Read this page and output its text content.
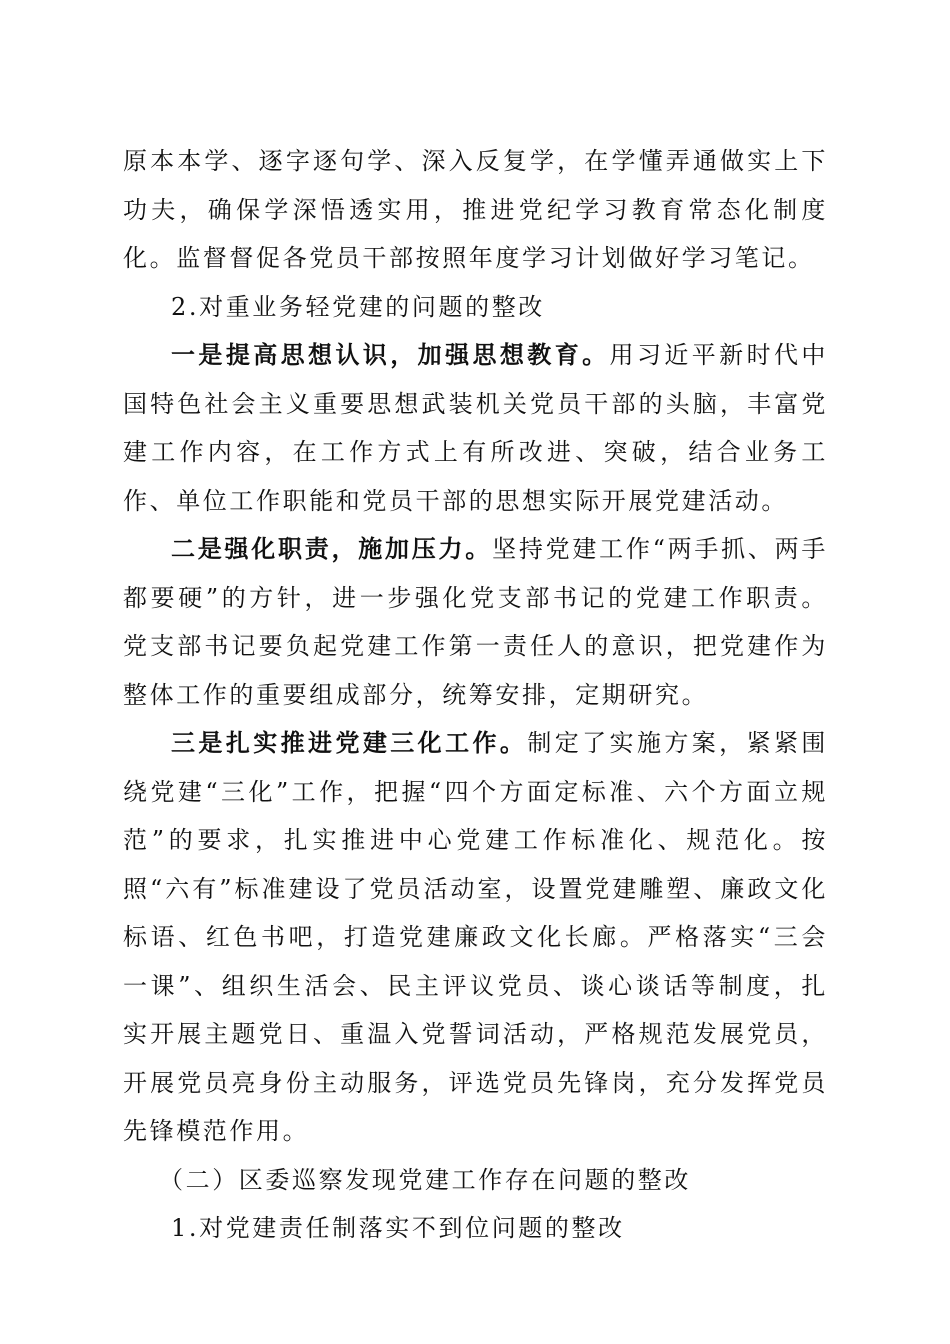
原本本学、逐字逐句学、深入反复学，在学懂弄通做实上下功夫，确保学深悟透实用，推进党纪学习教育常态化制度化。监督督促各党员干部按照年度学习计划做好学习笔记。

2.对重业务轻党建的问题的整改

一是提高思想认识，加强思想教育。用习近平新时代中国特色社会主义重要思想武装机关党员干部的头脑，丰富党建工作内容，在工作方式上有所改进、突破，结合业务工作、单位工作职能和党员干部的思想实际开展党建活动。

二是强化职责，施加压力。坚持党建工作“两手抓、两手都要硬”的方针，进一步强化党支部书记的党建工作职责。党支部书记要负起党建工作第一责任人的意识，把党建作为整体工作的重要组成部分，统筹安排，定期研究。

三是扎实推进党建三化工作。制定了实施方案，紧紧围绕党建“三化”工作，把握“四个方面定标准、六个方面立规范”的要求，扎实推进中心党建工作标准化、规范化。按照“六有”标准建设了党员活动室，设置党建雕塑、廉政文化标语、红色书吧，打造党建廉政文化长廊。严格落实“三会一课”、组织生活会、民主评议党员、谈心谈话等制度，扎实开展主题党日、重温入党誓词活动，严格规范发展党员，开展党员亮身份主动服务，评选党员先锋岗，充分发挥党员先锋模范作用。

（二）区委巡察发现党建工作存在问题的整改

1.对党建责任制落实不到位问题的整改
